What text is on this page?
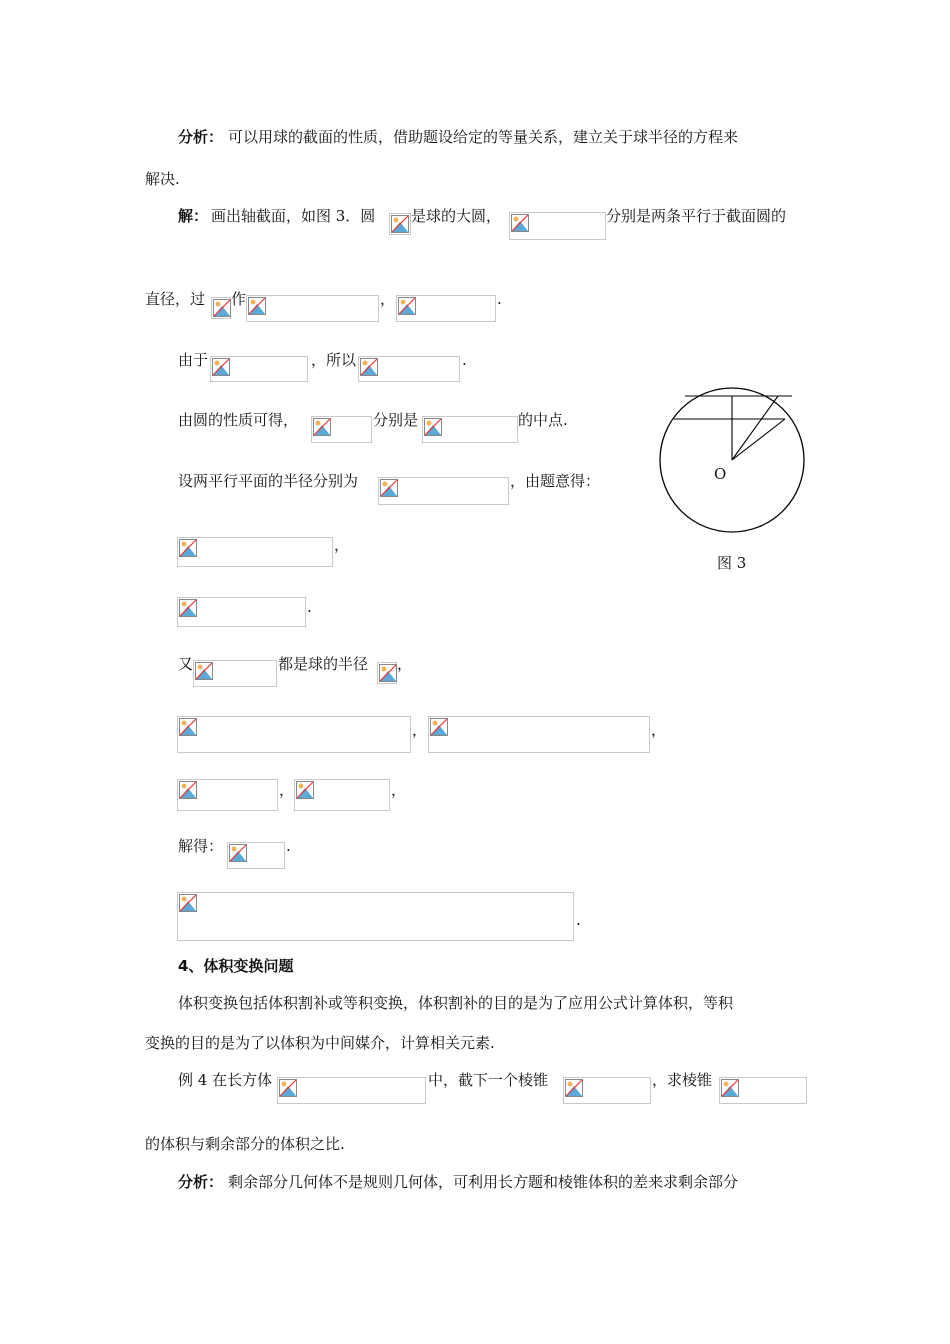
分析： 可以用球的截面的性质，借助题设给定的等量关系，建立关于球半径的方程来
解决.
解： 画出轴截面，如图 3．圆 是球的大圆，	分别是两条平行于截面圆的
直径，过 作	，	.
由于	，所以	.
由圆的性质可得，	分别是	的中点.
设两平行平面的半径分别为	，由题意得：
，
.
又	都是球的半径 ，
，	，
，	，
解得：	.
.
O
图 3
4、体积变换问题
体积变换包括体积割补或等积变换，体积割补的目的是为了应用公式计算体积，等积
变换的目的是为了以体积为中间媒介，计算相关元素.
例 4 在长方体	中，截下一个棱锥	，求棱锥
的体积与剩余部分的体积之比.
分析： 剩余部分几何体不是规则几何体，可利用长方题和棱锥体积的差来求剩余部分
